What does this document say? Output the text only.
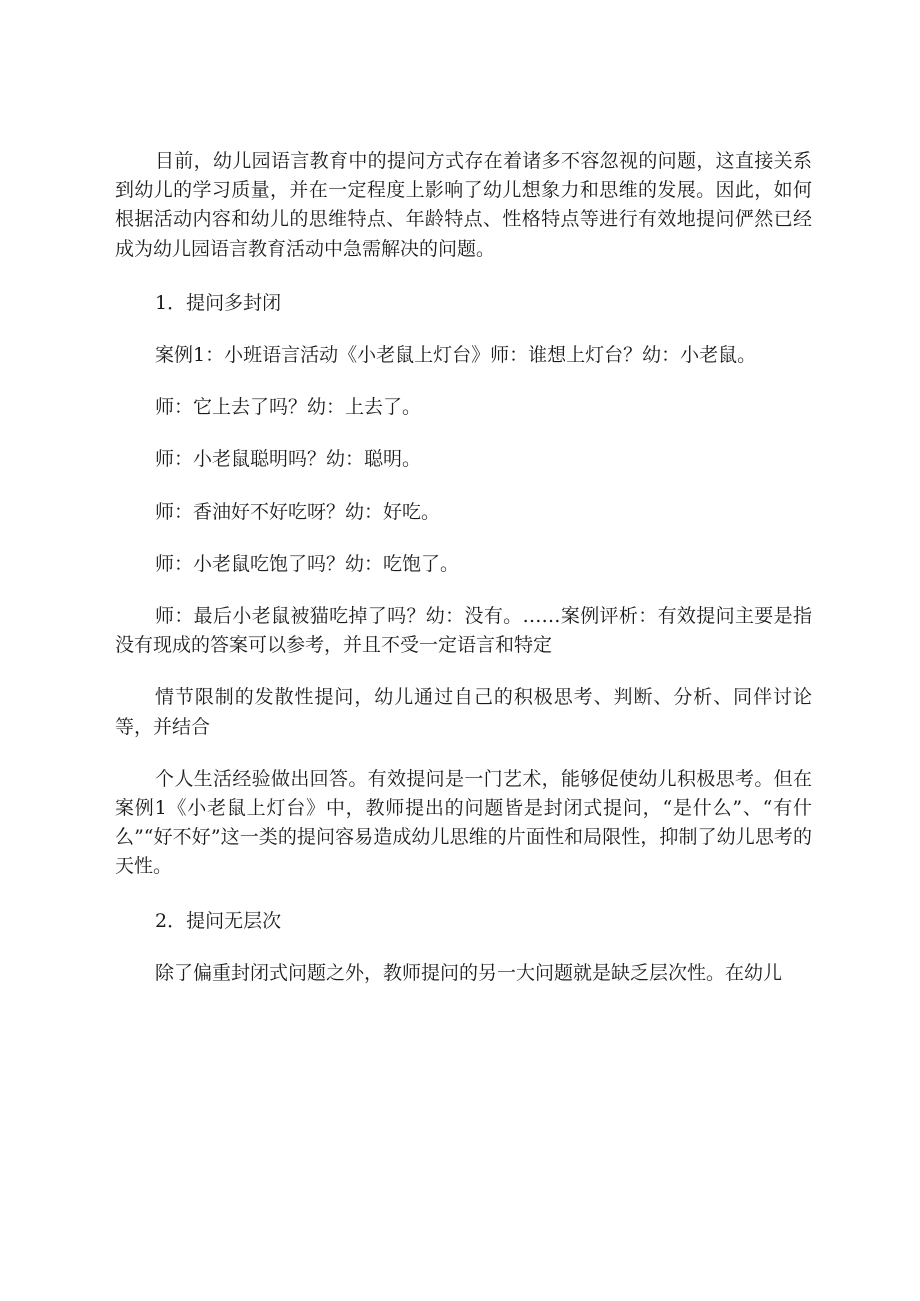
目前，幼儿园语言教育中的提问方式存在着诸多不容忽视的问题，这直接关系到幼儿的学习质量，并在一定程度上影响了幼儿想象力和思维的发展。因此，如何根据活动内容和幼儿的思维特点、年龄特点、性格特点等进行有效地提问俨然已经成为幼儿园语言教育活动中急需解决的问题。

1．提问多封闭

案例1：小班语言活动《小老鼠上灯台》师：谁想上灯台？幼：小老鼠。

师：它上去了吗？幼：上去了。

师：小老鼠聪明吗？幼：聪明。

师：香油好不好吃呀？幼：好吃。

师：小老鼠吃饱了吗？幼：吃饱了。

师：最后小老鼠被猫吃掉了吗？幼：没有。……案例评析：有效提问主要是指没有现成的答案可以参考，并且不受一定语言和特定

情节限制的发散性提问，幼儿通过自己的积极思考、判断、分析、同伴讨论等，并结合

个人生活经验做出回答。有效提问是一门艺术，能够促使幼儿积极思考。但在案例1《小老鼠上灯台》中，教师提出的问题皆是封闭式提问，“是什么”、“有什么”“好不好”这一类的提问容易造成幼儿思维的片面性和局限性，抑制了幼儿思考的天性。

2．提问无层次

除了偏重封闭式问题之外，教师提问的另一大问题就是缺乏层次性。在幼儿
